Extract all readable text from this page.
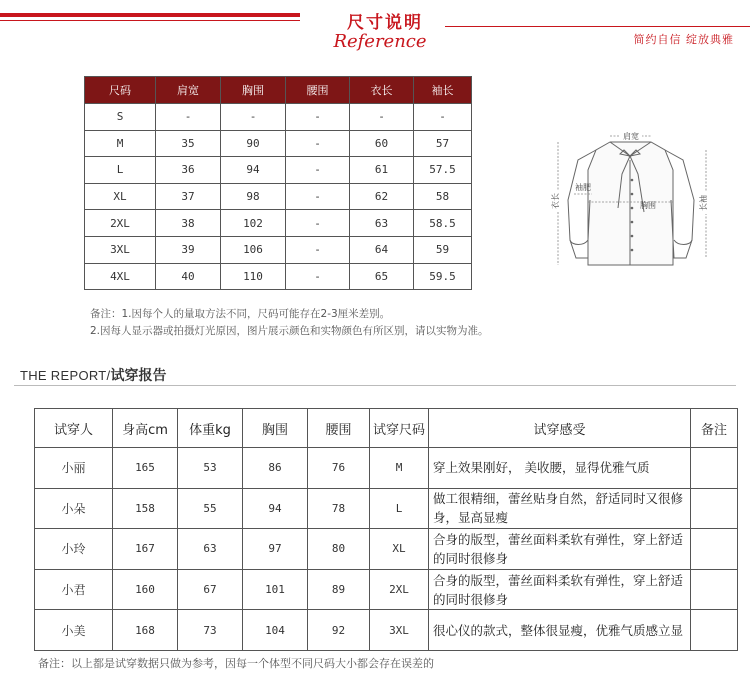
尺寸说明
Reference	简约自信 绽放典雅
尺码	肩宽	胸围	腰围	衣长	袖长
S	-	-	-	-	-
M	35	90	-	60	57
L	36	94	-	61	57.5
XL	37	98	-	62	58
2XL	38	102	-	63	58.5
3XL	39	106	-	64	59
4XL	40	110	-	65	59.5
肩宽
衣长
袖肥
胸围	长袖
备注：1.因每个人的量取方法不同，尺码可能存在2-3厘米差别。
2.因每人显示器或拍摄灯光原因，图片展示颜色和实物颜色有所区别，请以实物为准。
THE REPORT/试穿报告
试穿人	身高cm	体重kg	胸围	腰围	试穿尺码	试穿感受	备注
小丽	165	53	86	76	M	穿上效果刚好， 美收腰，显得优雅气质	
小朵	158	55	94	78	L	做工很精细，蕾丝贴身自然，舒适同时又很修身，显高显瘦	
小玲	167	63	97	80	XL	合身的版型，蕾丝面料柔软有弹性，穿上舒适的同时很修身	
小君	160	67	101	89	2XL	合身的版型，蕾丝面料柔软有弹性，穿上舒适的同时很修身	
小美	168	73	104	92	3XL	很心仪的款式，整体很显瘦，优雅气质感立显	
备注：以上都是试穿数据只做为参考，因每一个体型不同尺码大小都会存在误差的
